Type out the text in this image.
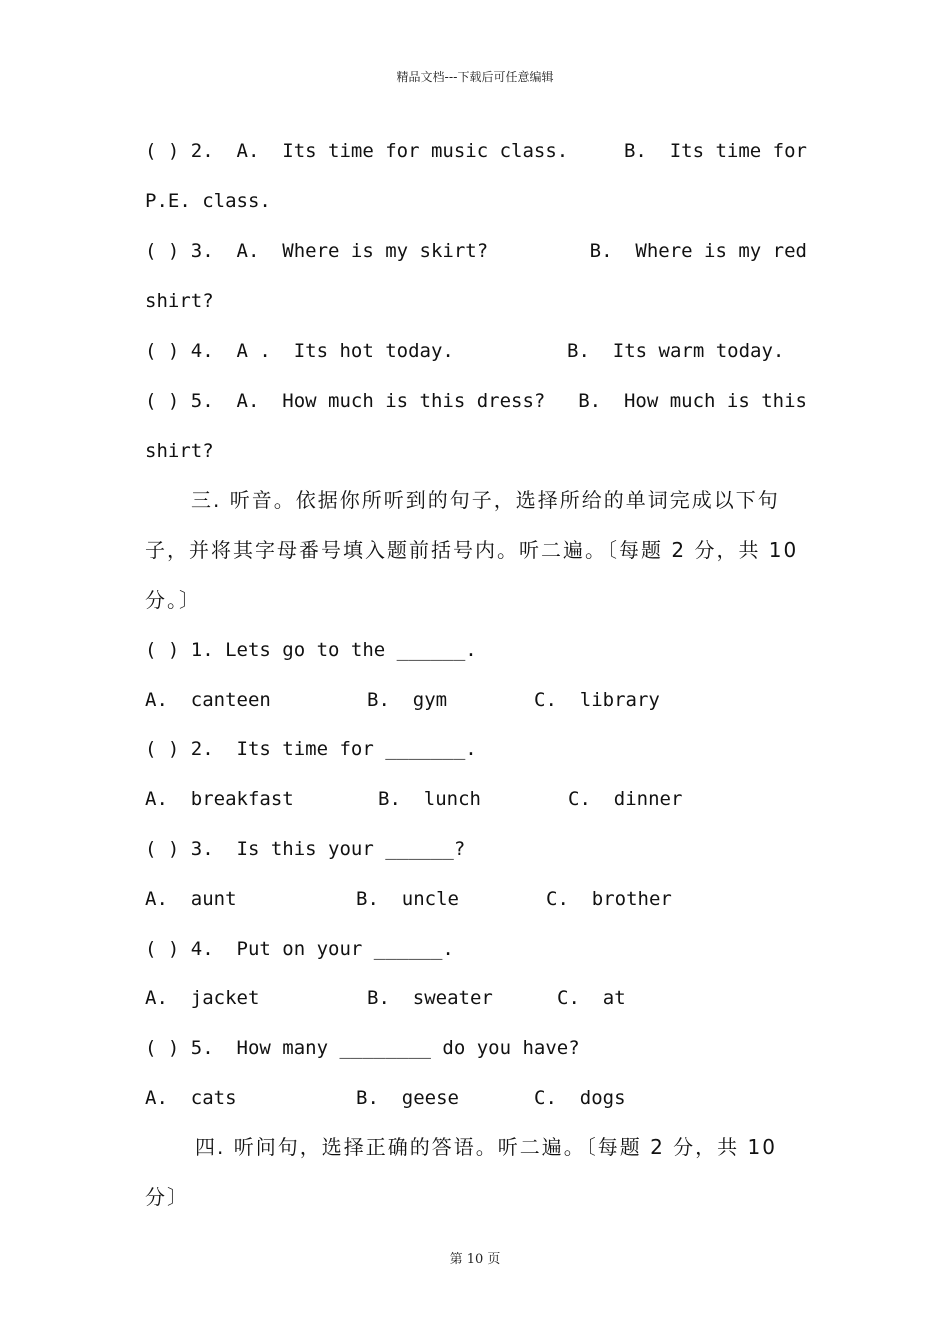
精品文档---下载后可任意编辑
( ) 2.  A.  Its time for music class.	B.  Its time for
P.E. class.
( ) 3.  A.  Where is my skirt?	B.  Where is my red
shirt?

( ) 4.  A .  Its hot today.

	B.  Its warm today.

( ) 5.  A.  How much is this dress? B.  How much is this
shirt?
三. 听音。依据你所听到的句子，选择所给的单词完成以下句
子，并将其字母番号填入题前括号内。听二遍。〔每题 2 分，共 10
分。〕
( ) 1. Lets go to the ______.

A.  canteen

	B.  gym

	C.  library

( ) 2.  Its time for _______.

A.  breakfast

	B.  lunch

	C.  dinner

( ) 3.  Is this your ______?

A.  aunt

	B.  uncle

	C.  brother

( ) 4.  Put on your ______.

A.  jacket

	B.  sweater

	C.  at

( ) 5.  How many ________ do you have?

A.  cats

	B.  geese

	C.  dogs

四. 听问句，选择正确的答语。听二遍。〔每题 2 分，共 10
分〕
第 10 页
